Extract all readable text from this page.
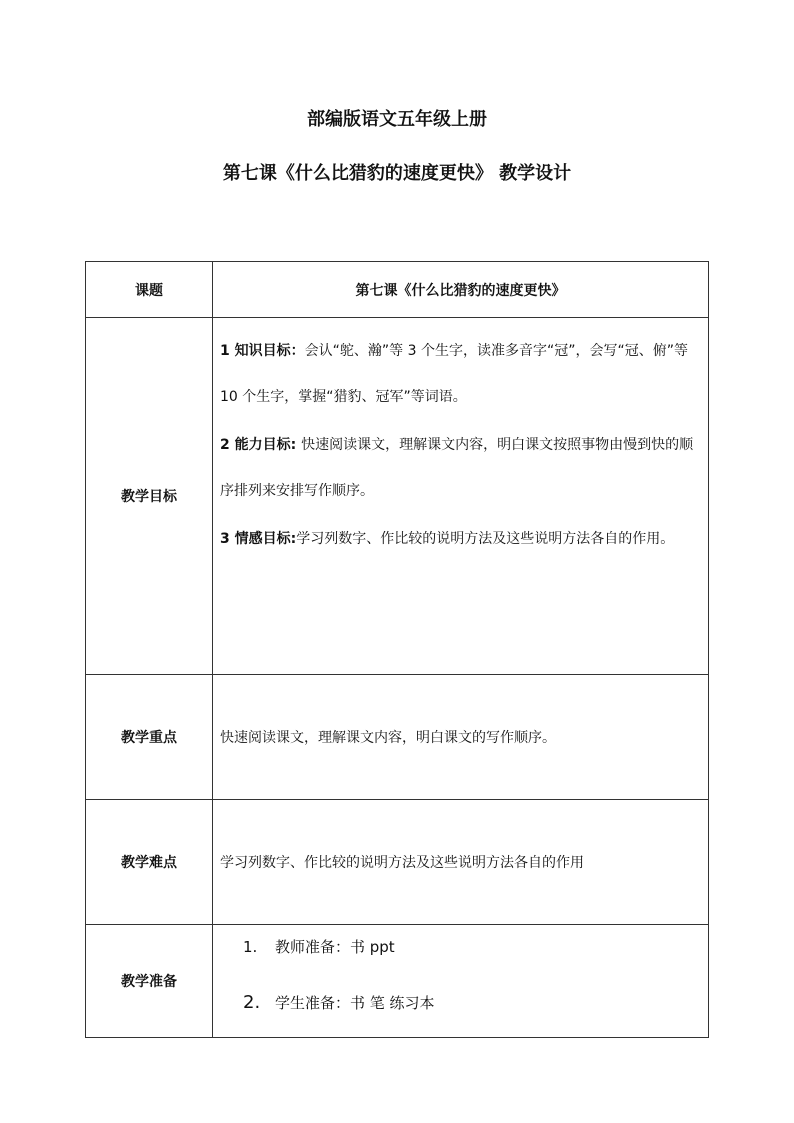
部编版语文五年级上册
第七课《什么比猎豹的速度更快》 教学设计
课题	第七课《什么比猎豹的速度更快》
教学目标	1 知识目标：会认“鸵、瀚”等 3 个生字，读准多音字“冠”，会写“冠、俯”等 10 个生字，掌握“猎豹、冠军”等词语。
2 能力目标: 快速阅读课文，理解课文内容，明白课文按照事物由慢到快的顺序排列来安排写作顺序。
3 情感目标:学习列数字、作比较的说明方法及这些说明方法各自的作用。

教学重点	快速阅读课文，理解课文内容，明白课文的写作顺序。
教学难点	学习列数字、作比较的说明方法及这些说明方法各自的作用
教学准备	1. 教师准备：书 ppt
2. 学生准备：书 笔 练习本
